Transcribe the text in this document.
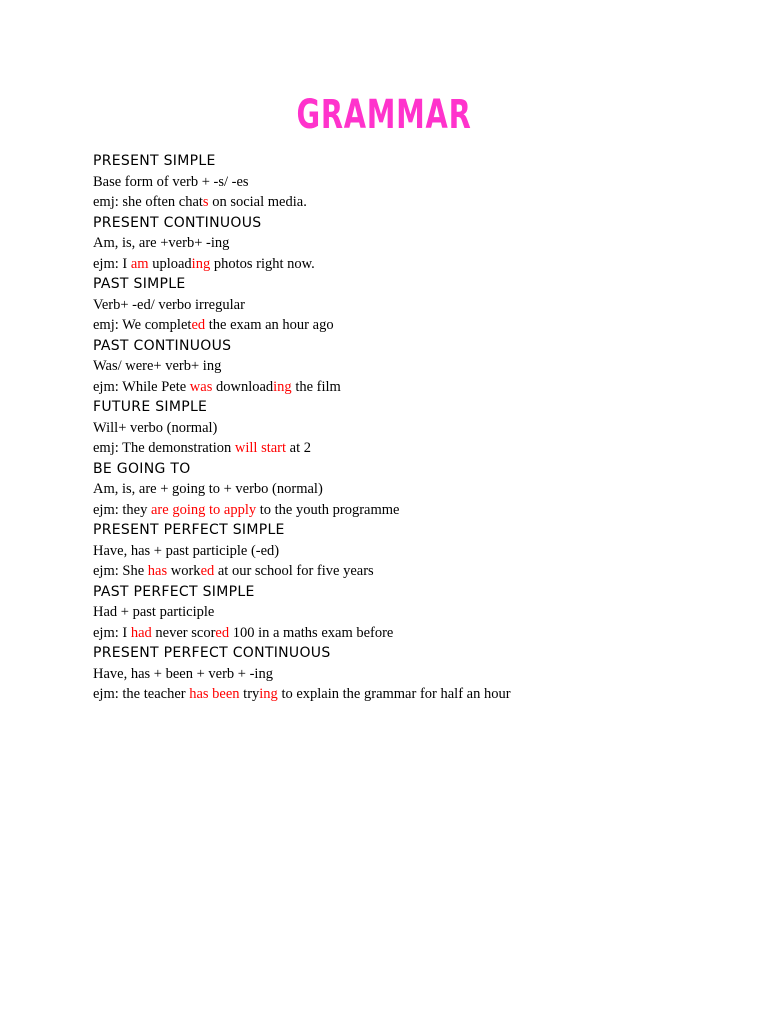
GRAMMAR
PRESENT SIMPLE
Base form of verb + -s/ -es
emj: she often chats on social media.
PRESENT CONTINUOUS
Am, is, are +verb+ -ing
ejm: I am uploading photos right now.
PAST SIMPLE
Verb+ -ed/ verbo irregular
emj: We completed the exam an hour ago
PAST CONTINUOUS
Was/ were+ verb+ ing
ejm: While Pete was downloading the film
FUTURE SIMPLE
Will+ verbo (normal)
emj: The demonstration will start at 2
BE GOING TO
Am, is, are + going to + verbo (normal)
ejm: they are going to apply to the youth programme
PRESENT PERFECT SIMPLE
Have, has + past participle (-ed)
ejm: She has worked at our school for five years
PAST PERFECT SIMPLE
Had + past participle
ejm: I had never scored 100 in a maths exam before
PRESENT PERFECT CONTINUOUS
Have, has + been + verb + -ing
ejm: the teacher has been trying to explain the grammar for half an hour
